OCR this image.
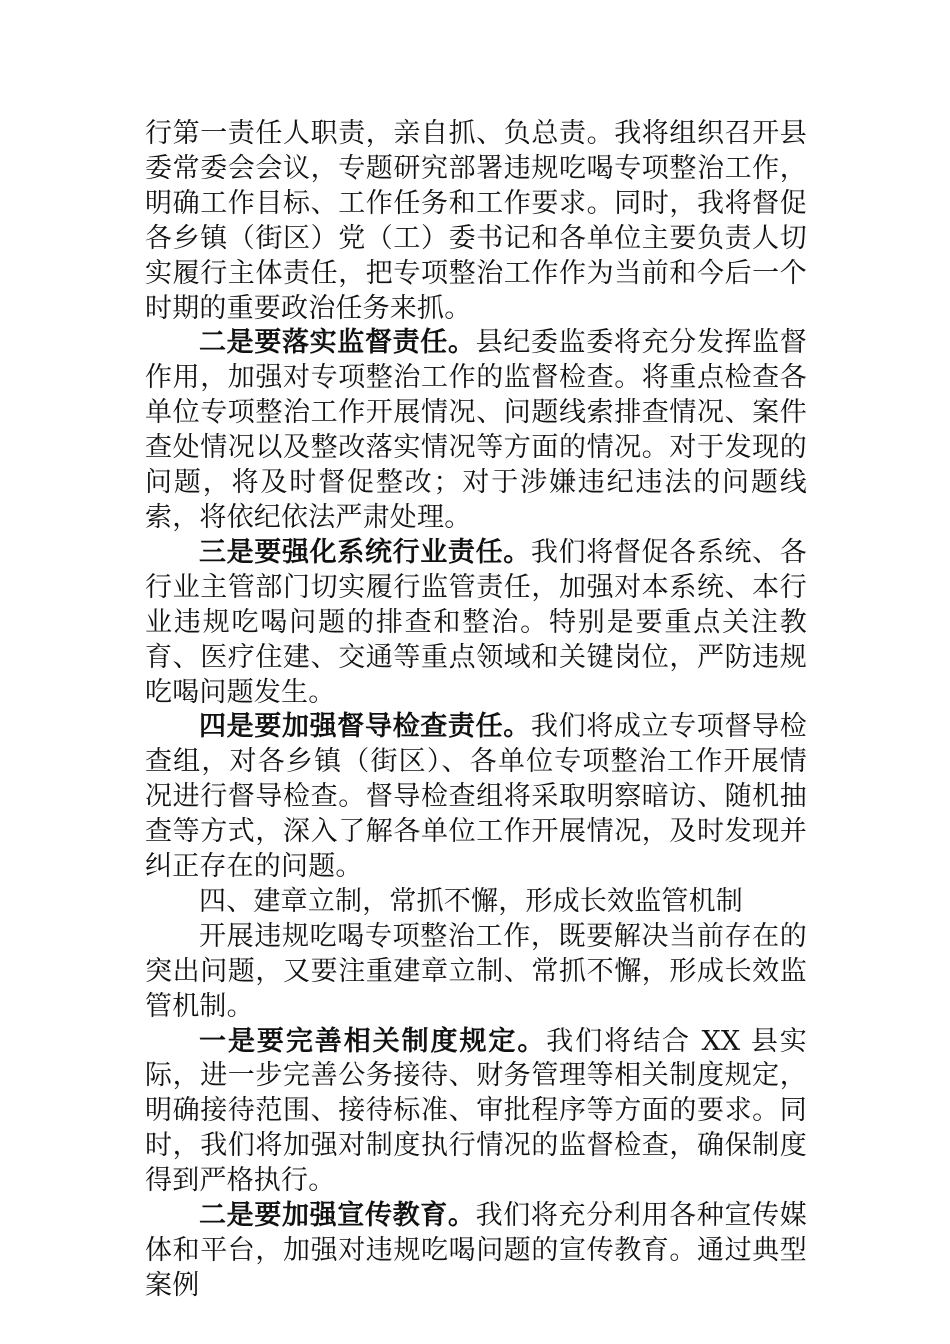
行第一责任人职责，亲自抓、负总责。我将组织召开县委常委会会议，专题研究部署违规吃喝专项整治工作，明确工作目标、工作任务和工作要求。同时，我将督促各乡镇（街区）党（工）委书记和各单位主要负责人切实履行主体责任，把专项整治工作作为当前和今后一个时期的重要政治任务来抓。

二是要落实监督责任。县纪委监委将充分发挥监督作用，加强对专项整治工作的监督检查。将重点检查各单位专项整治工作开展情况、问题线索排查情况、案件查处情况以及整改落实情况等方面的情况。对于发现的问题，将及时督促整改；对于涉嫌违纪违法的问题线索，将依纪依法严肃处理。

三是要强化系统行业责任。我们将督促各系统、各行业主管部门切实履行监管责任，加强对本系统、本行业违规吃喝问题的排查和整治。特别是要重点关注教育、医疗住建、交通等重点领域和关键岗位，严防违规吃喝问题发生。

四是要加强督导检查责任。我们将成立专项督导检查组，对各乡镇（街区）、各单位专项整治工作开展情况进行督导检查。督导检查组将采取明察暗访、随机抽查等方式，深入了解各单位工作开展情况，及时发现并纠正存在的问题。

四、建章立制，常抓不懈，形成长效监管机制

开展违规吃喝专项整治工作，既要解决当前存在的突出问题，又要注重建章立制、常抓不懈，形成长效监管机制。

一是要完善相关制度规定。我们将结合 XX 县实际，进一步完善公务接待、财务管理等相关制度规定，明确接待范围、接待标准、审批程序等方面的要求。同时，我们将加强对制度执行情况的监督检查，确保制度得到严格执行。

二是要加强宣传教育。我们将充分利用各种宣传媒体和平台，加强对违规吃喝问题的宣传教育。通过典型案例
